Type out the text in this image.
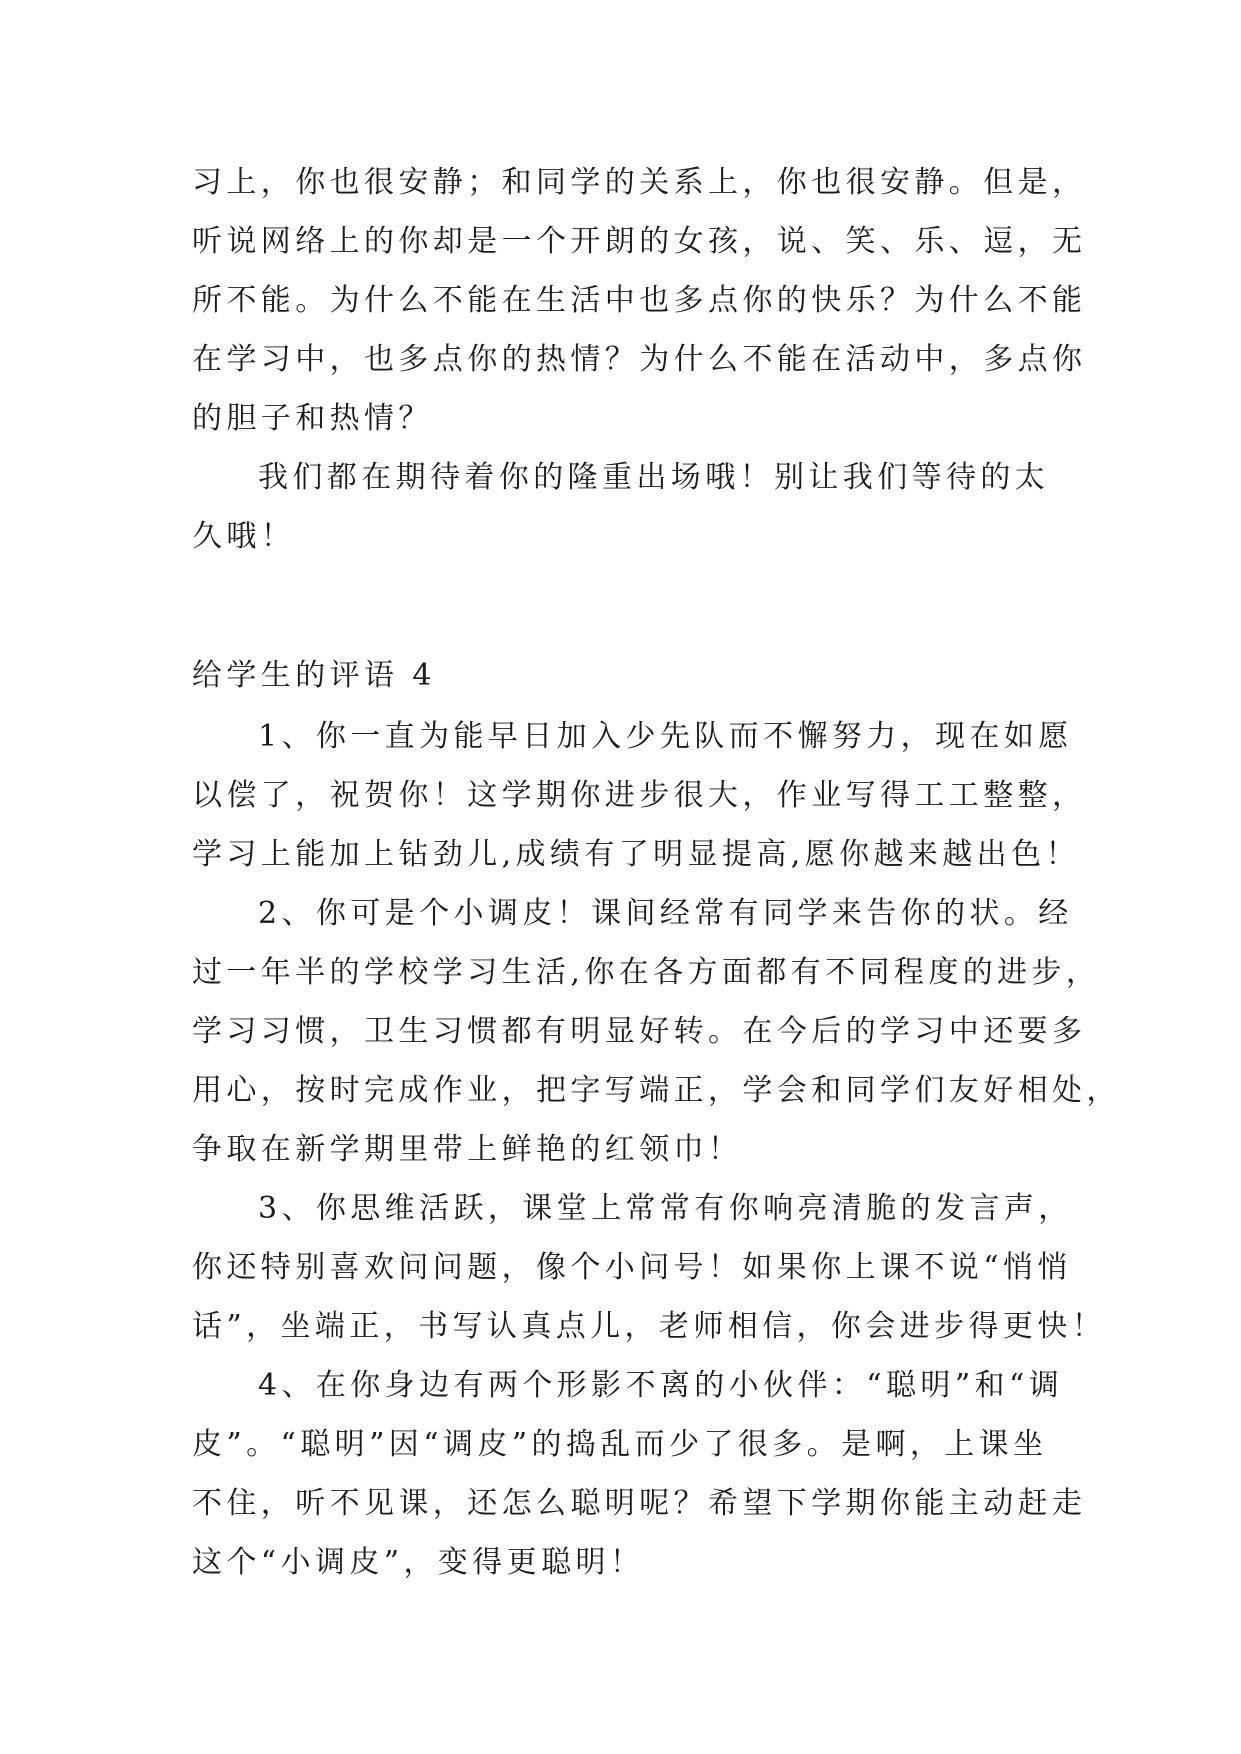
习上，你也很安静；和同学的关系上，你也很安静。但是，
听说网络上的你却是一个开朗的女孩，说、笑、乐、逗，无
所不能。为什么不能在生活中也多点你的快乐？为什么不能
在学习中，也多点你的热情？为什么不能在活动中，多点你
的胆子和热情？
我们都在期待着你的隆重出场哦！别让我们等待的太
久哦！
给学生的评语 4
1、你一直为能早日加入少先队而不懈努力，现在如愿
以偿了，祝贺你！这学期你进步很大，作业写得工工整整，
学习上能加上钻劲儿,成绩有了明显提高,愿你越来越出色！
2、你可是个小调皮！课间经常有同学来告你的状。经
过一年半的学校学习生活,你在各方面都有不同程度的进步，
学习习惯，卫生习惯都有明显好转。在今后的学习中还要多
用心，按时完成作业，把字写端正，学会和同学们友好相处，
争取在新学期里带上鲜艳的红领巾！
3、你思维活跃，课堂上常常有你响亮清脆的发言声，
你还特别喜欢问问题，像个小问号！如果你上课不说“悄悄
话”，坐端正，书写认真点儿，老师相信，你会进步得更快！
4、在你身边有两个形影不离的小伙伴：“聪明”和“调
皮”。“聪明”因“调皮”的捣乱而少了很多。是啊，上课坐
不住，听不见课，还怎么聪明呢？希望下学期你能主动赶走
这个“小调皮”，变得更聪明！
